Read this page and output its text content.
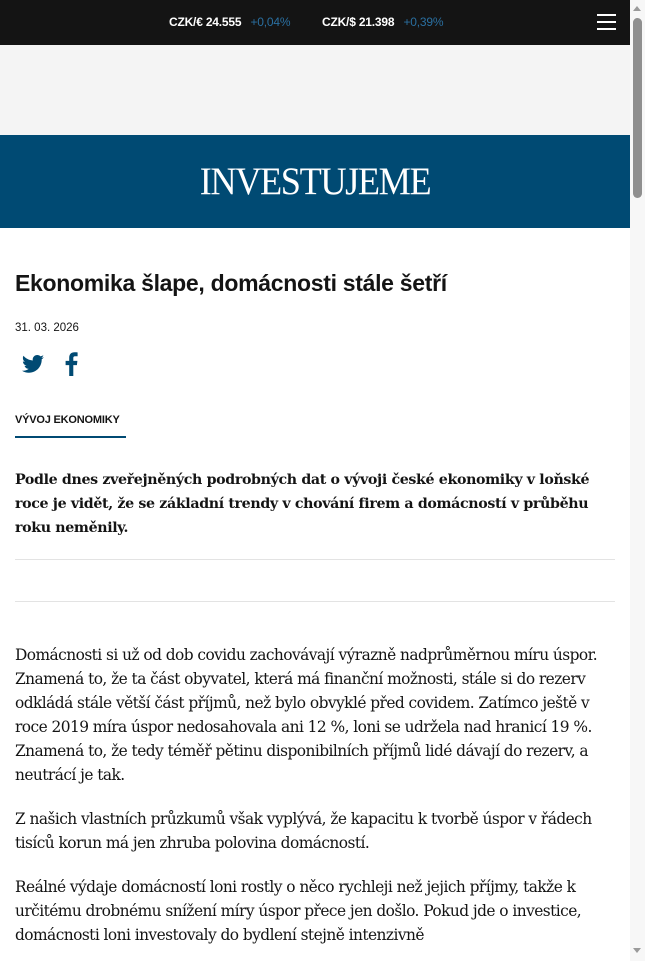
CZK/€ 24.555 +0,04%	CZK/$ 21.398 +0,39%
INVESTUJEME
Ekonomika šlape, domácnosti stále šetří
31. 03. 2026
VÝVOJ EKONOMIKY

Podle dnes zveřejněných podrobných dat o vývoji české ekonomiky v loňské roce je vidět, že se základní trendy v chování firem a domácností v průběhu roku neměnily.

Domácnosti si už od dob covidu zachovávají výrazně nadprůměrnou míru úspor. Znamená to, že ta část obyvatel, která má finanční možnosti, stále si do rezerv odkládá stále větší část příjmů, než bylo obvyklé před covidem. Zatímco ještě v roce 2019 míra úspor nedosahovala ani 12 %, loni se udržela nad hranicí 19 %. Znamená to, že tedy téměř pětinu disponibilních příjmů lidé dávají do rezerv, a neutrácí je tak.

Z našich vlastních průzkumů však vyplývá, že kapacitu k tvorbě úspor v řádech tisíců korun má jen zhruba polovina domácností.

Reálné výdaje domácností loni rostly o něco rychleji než jejich příjmy, takže k určitému drobnému snížení míry úspor přece jen došlo. Pokud jde o investice, domácnosti loni investovaly do bydlení stejně intenzivně
